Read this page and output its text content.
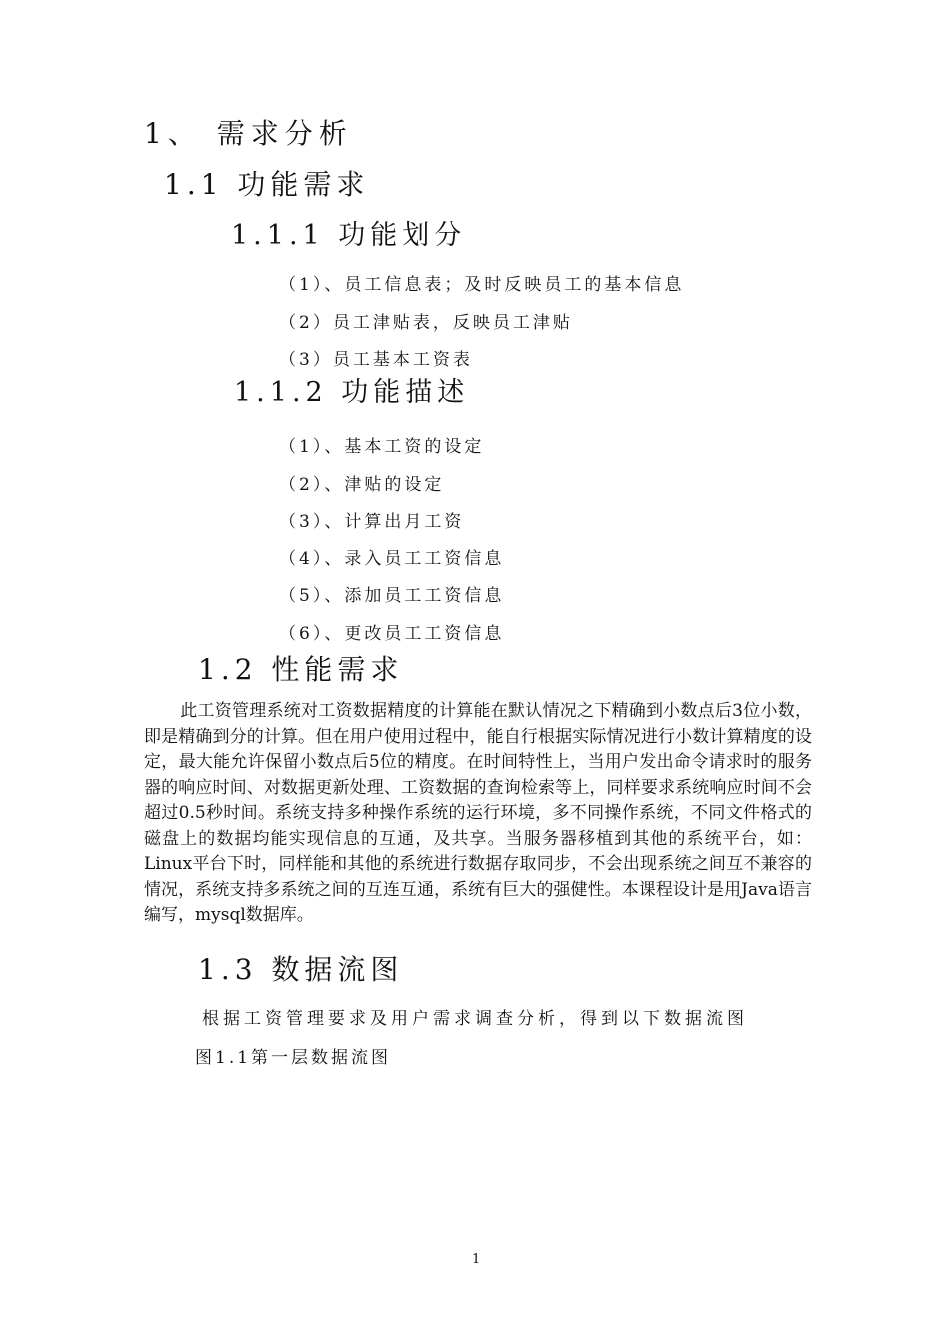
1、 需求分析
1.1 功能需求
1.1.1 功能划分
（1）、员工信息表；及时反映员工的基本信息
（2）员工津贴表，反映员工津贴
（3）员工基本工资表
1.1.2 功能描述
（1）、基本工资的设定
（2）、津贴的设定
（3）、计算出月工资
（4）、录入员工工资信息
（5）、添加员工工资信息
（6）、更改员工工资信息
1.2 性能需求
此工资管理系统对工资数据精度的计算能在默认情况之下精确到小数点后3位小数，即是精确到分的计算。但在用户使用过程中，能自行根据实际情况进行小数计算精度的设定，最大能允许保留小数点后5位的精度。在时间特性上，当用户发出命令请求时的服务器的响应时间、对数据更新处理、工资数据的查询检索等上，同样要求系统响应时间不会超过0.5秒时间。系统支持多种操作系统的运行环境，多不同操作系统，不同文件格式的磁盘上的数据均能实现信息的互通，及共享。当服务器移植到其他的系统平台，如：Linux平台下时，同样能和其他的系统进行数据存取同步，不会出现系统之间互不兼容的情况，系统支持多系统之间的互连互通，系统有巨大的强健性。本课程设计是用Java语言编写，mysql数据库。
1.3 数据流图
根据工资管理要求及用户需求调查分析，得到以下数据流图
图1.1第一层数据流图
1
